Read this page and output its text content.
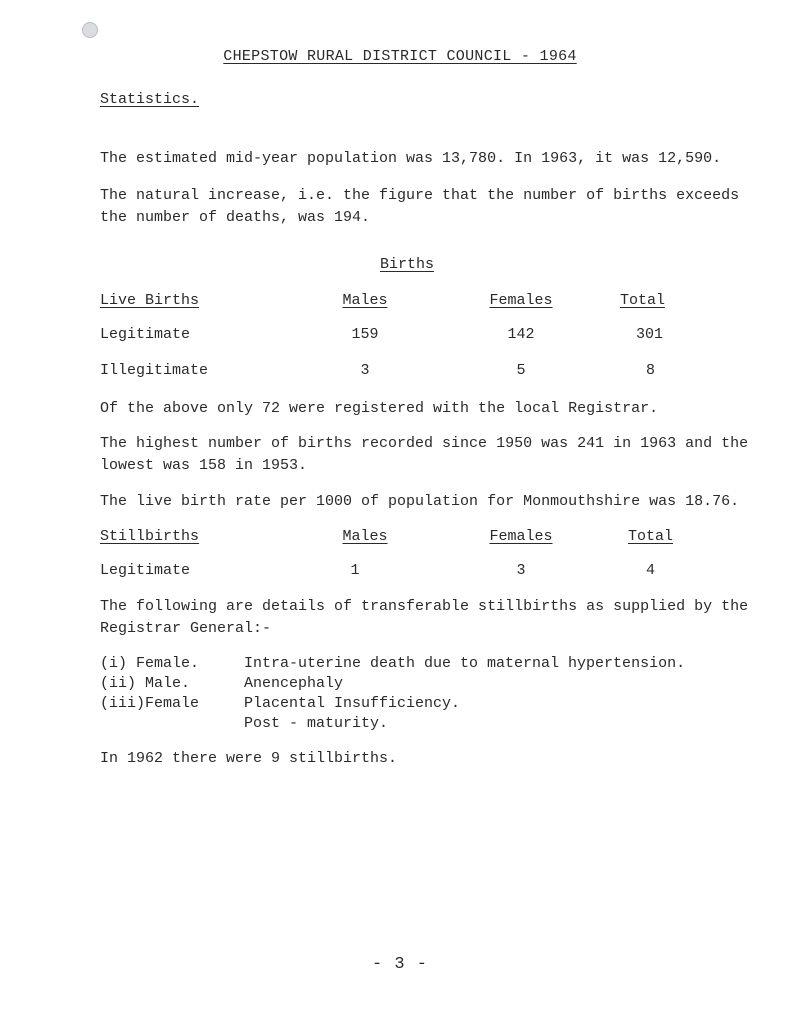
CHEPSTOW RURAL DISTRICT COUNCIL - 1964
Statistics.
The estimated mid-year population was 13,780. In 1963, it was 12,590.
The natural increase, i.e. the figure that the number of births exceeds the number of deaths, was 194.
Births
Live Births	Males	Females	Total
Legitimate	159	142	301
Illegitimate	3	5	8
Of the above only 72 were registered with the local Registrar.
The highest number of births recorded since 1950 was 241 in 1963 and the lowest was 158 in 1953.
The live birth rate per 1000 of population for Monmouthshire was 18.76.
Stillbirths	Males	Females	Total
Legitimate	1	3	4
The following are details of transferable stillbirths as supplied by the Registrar General:-
(i) Female.	Intra-uterine death due to maternal hypertension.
(ii) Male.	Anencephaly
(iii)Female	Placental Insufficiency.
Post - maturity.
In 1962 there were 9 stillbirths.
- 3 -
